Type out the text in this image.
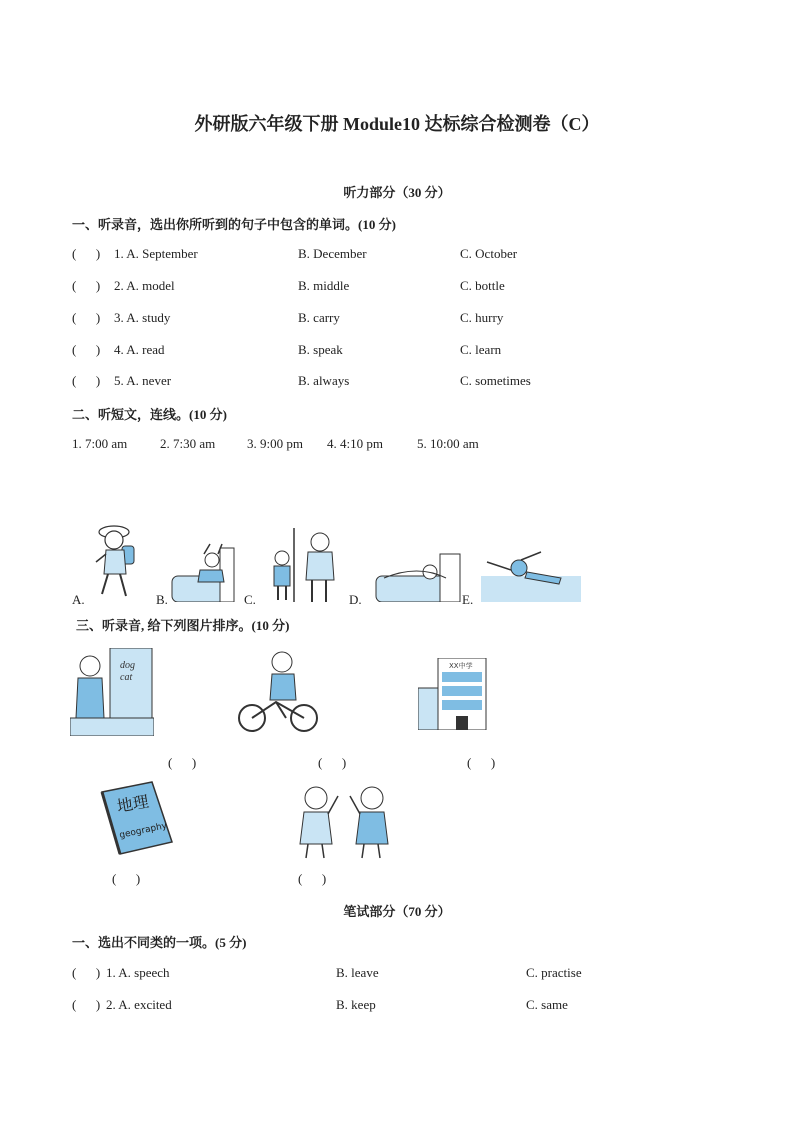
外研版六年级下册 Module10 达标综合检测卷（C）
听力部分（30 分）
一、听录音，选出你所听到的句子中包含的单词。(10 分)
(      ) 1. A. September	B. December	C. October
(      ) 2. A. model	B. middle	C. bottle
(      ) 3. A. study	B. carry	C. hurry
(      ) 4. A. read	B. speak	C. learn
(      ) 5. A. never	B. always	C. sometimes
二、听短文，连线。(10 分)
1. 7:00 am	2. 7:30 am 3. 9:00 pm 4. 4:10 pm	5. 10:00 am
A.	B.	C.	D.	E.
三、听录音, 给下列图片排序。(10 分)
dog
cat
(      )	(      )
XX中学
(      )
地理
geography
(      )	(      )
笔试部分（70 分）
一、选出不同类的一项。(5 分)
(      ) 1. A. speech	B. leave	C. practise
(      ) 2. A. excited	B. keep	C. same
